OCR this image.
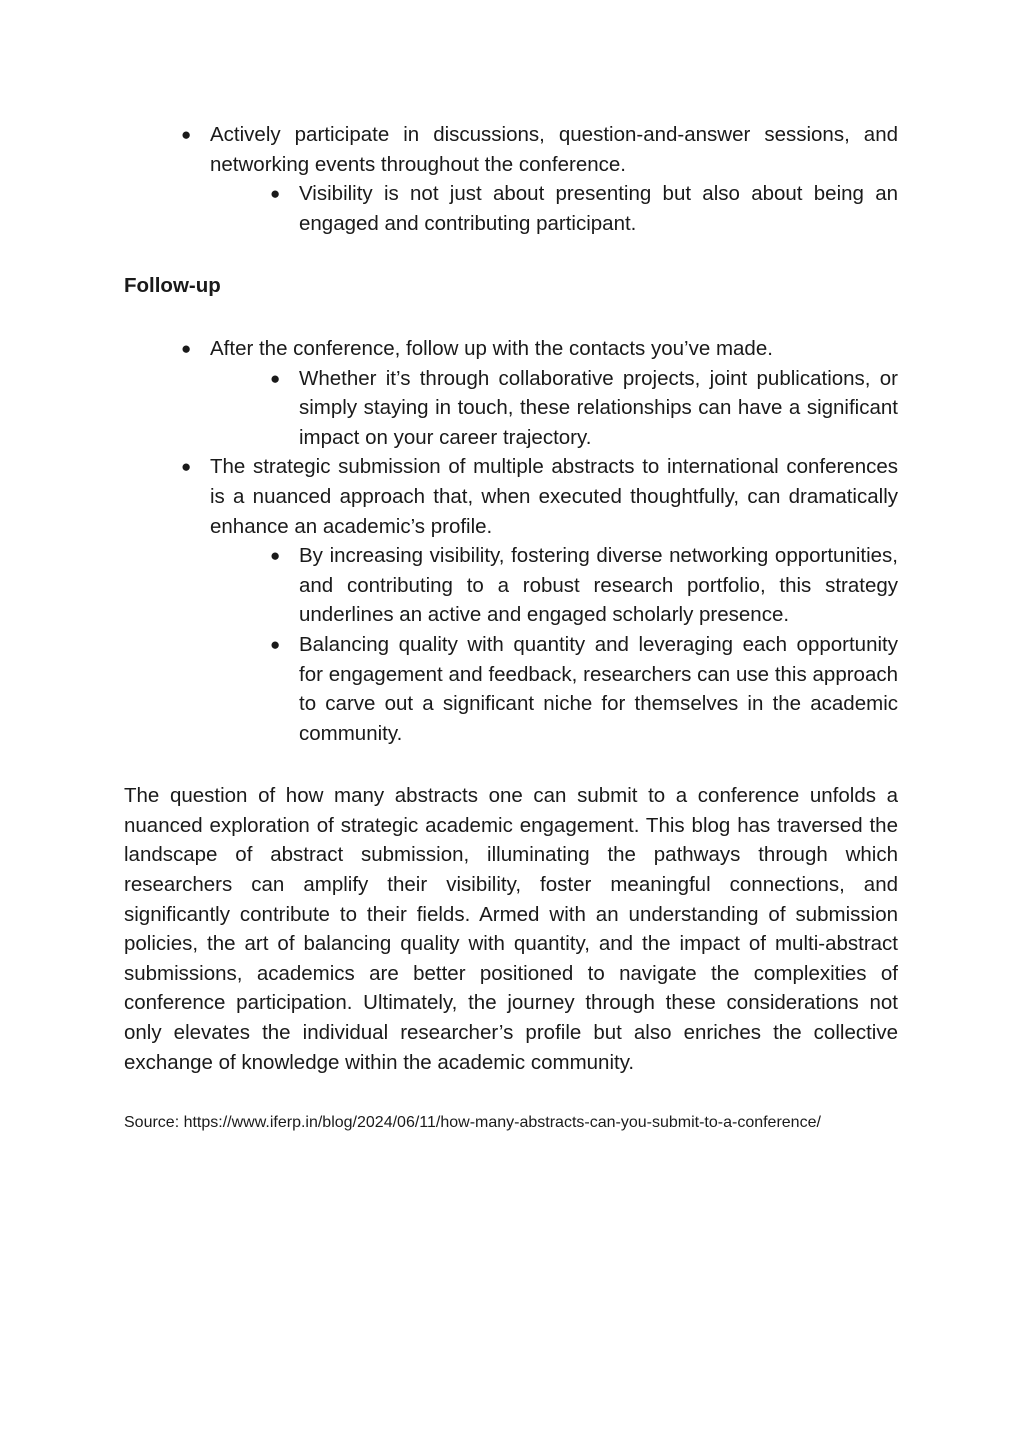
● Actively participate in discussions, question-and-answer sessions, and networking events throughout the conference.
● Visibility is not just about presenting but also about being an engaged and contributing participant.

Follow-up

● After the conference, follow up with the contacts you’ve made.
● Whether it’s through collaborative projects, joint publications, or simply staying in touch, these relationships can have a significant impact on your career trajectory.
● The strategic submission of multiple abstracts to international conferences is a nuanced approach that, when executed thoughtfully, can dramatically enhance an academic’s profile.
● By increasing visibility, fostering diverse networking opportunities, and contributing to a robust research portfolio, this strategy underlines an active and engaged scholarly presence.
● Balancing quality with quantity and leveraging each opportunity for engagement and feedback, researchers can use this approach to carve out a significant niche for themselves in the academic community.

The question of how many abstracts one can submit to a conference unfolds a nuanced exploration of strategic academic engagement. This blog has traversed the landscape of abstract submission, illuminating the pathways through which researchers can amplify their visibility, foster meaningful connections, and significantly contribute to their fields. Armed with an understanding of submission policies, the art of balancing quality with quantity, and the impact of multi-abstract submissions, academics are better positioned to navigate the complexities of conference participation. Ultimately, the journey through these considerations not only elevates the individual researcher’s profile but also enriches the collective exchange of knowledge within the academic community.

Source: https://www.iferp.in/blog/2024/06/11/how-many-abstracts-can-you-submit-to-a-conference/
